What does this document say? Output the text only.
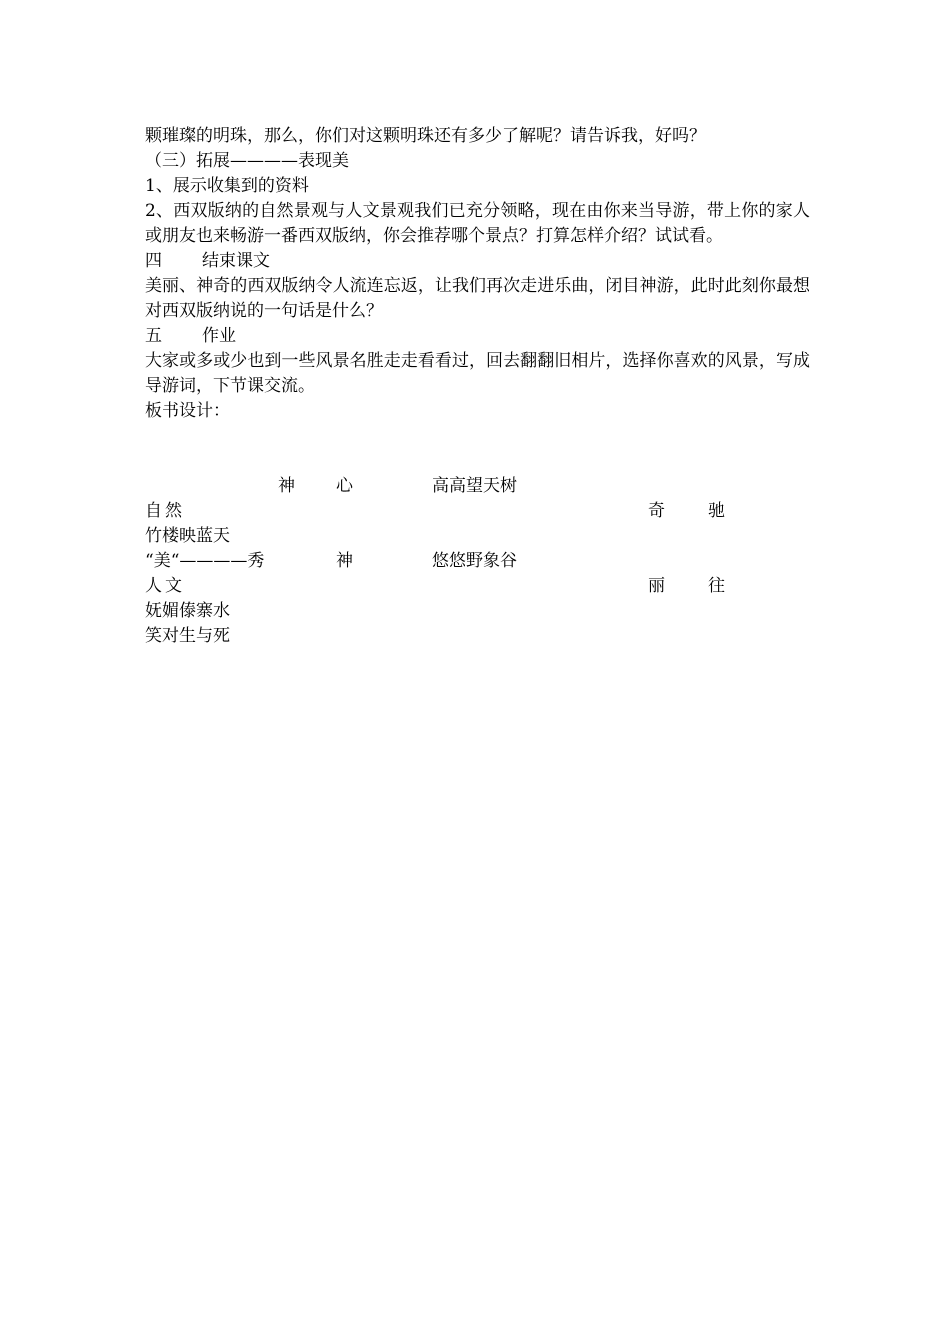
颗璀璨的明珠，那么，你们对这颗明珠还有多少了解呢？请告诉我，好吗？
（三）拓展————表现美
1、展示收集到的资料
2、西双版纳的自然景观与人文景观我们已充分领略，现在由你来当导游，带上你的家人或朋友也来畅游一番西双版纳，你会推荐哪个景点？打算怎样介绍？试试看。
四 结束课文
美丽、神奇的西双版纳令人流连忘返，让我们再次走进乐曲，闭目神游，此时此刻你最想对西双版纳说的一句话是什么？
五 作业
大家或多或少也到一些风景名胜走走看看过，回去翻翻旧相片，选择你喜欢的风景，写成导游词，下节课交流。
板书设计：
神 心	高高望天树
自然	奇	驰
竹楼映蓝天
“美“————秀	神	悠悠野象谷
人文	丽	往
妩媚傣寨水
笑对生与死
